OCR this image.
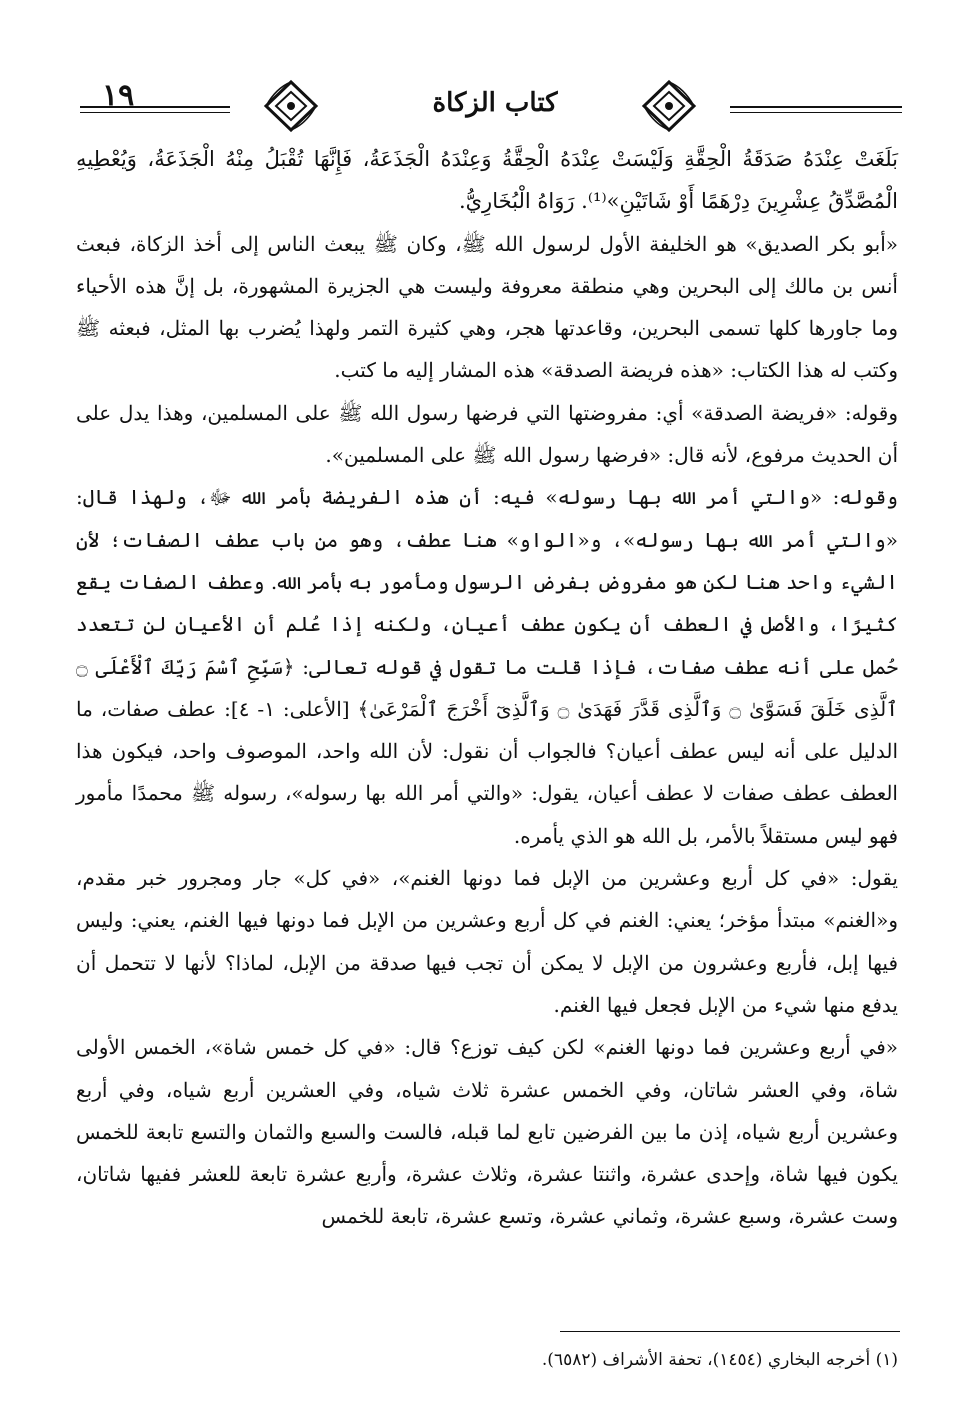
١٩	كتاب الزكاة

بَلَغَتْ عِنْدَهُ صَدَقَةُ الْحِقَّةِ وَلَيْسَتْ عِنْدَهُ الْحِقَّةُ وَعِنْدَهُ الْجَذَعَةُ، فَإِنَّهَا تُقْبَلُ مِنْهُ الْجَذَعَةُ، وَيُعْطِيهِ الْمُصَّدِّقُ عِشْرِينَ دِرْهَمًا أَوْ شَاتَيْنِ»⁽¹⁾. رَوَاهُ الْبُخَارِيُّ.

«أبو بكر الصديق» هو الخليفة الأول لرسول الله ﷺ، وكان ﷺ يبعث الناس إلى أخذ الزكاة، فبعث أنس بن مالك إلى البحرين وهي منطقة معروفة وليست هي الجزيرة المشهورة، بل إنَّ هذه الأحياء وما جاورها كلها تسمى البحرين، وقاعدتها هجر، وهي كثيرة التمر ولهذا يُضرب بها المثل، فبعثه ﷺ وكتب له هذا الكتاب: «هذه فريضة الصدقة» هذه المشار إليه ما كتب.

وقوله: «فريضة الصدقة» أي: مفروضتها التي فرضها رسول الله ﷺ على المسلمين، وهذا يدل على أن الحديث مرفوع، لأنه قال: «فرضها رسول الله ﷺ على المسلمين».

وقوله: «والتي أمر الله بها رسوله» فيه: أن هذه الفريضة بأمر الله ﷻ، ولهذا قال: «والتي أمر الله بها رسوله»، و«الواو» هنا عطف، وهو من باب عطف الصفات؛ لأن الشيء واحد هنا لكن هو مفروض بفرض الرسول ومأمور به بأمر الله. وعطف الصفات يقع كثيرًا، والأصل في العطف أن يكون عطف أعيان، ولكنه إذا عُلم أن الأعيان لن تتعدد حُمل على أنه عطف صفات، فإذا قلت ما تقول في قوله تعالى: ﴿سَبِّحِ ٱسْمَ رَبِّكَ ٱلْأَعْلَى ۝ ٱلَّذِى خَلَقَ فَسَوَّىٰ ۝ وَٱلَّذِى قَدَّرَ فَهَدَىٰ ۝ وَٱلَّذِىٓ أَخْرَجَ ٱلْمَرْعَىٰ﴾ [الأعلى: ١- ٤]: عطف صفات، ما الدليل على أنه ليس عطف أعيان؟ فالجواب أن نقول: لأن الله واحد، الموصوف واحد، فيكون هذا العطف عطف صفات لا عطف أعيان، يقول: «والتي أمر الله بها رسوله»، رسوله ﷺ محمدًا مأمور فهو ليس مستقلاً بالأمر، بل الله هو الذي يأمره.

يقول: «في كل أربع وعشرين من الإبل فما دونها الغنم»، «في كل» جار ومجرور خبر مقدم، و«الغنم» مبتدأ مؤخر؛ يعني: الغنم في كل أربع وعشرين من الإبل فما دونها فيها الغنم، يعني: وليس فيها إبل، فأربع وعشرون من الإبل لا يمكن أن تجب فيها صدقة من الإبل، لماذا؟ لأنها لا تتحمل أن يدفع منها شيء من الإبل فجعل فيها الغنم.

«في أربع وعشرين فما دونها الغنم» لكن كيف توزع؟ قال: «في كل خمس شاة»، الخمس الأولى شاة، وفي العشر شاتان، وفي الخمس عشرة ثلاث شياه، وفي العشرين أربع شياه، وفي أربع وعشرين أربع شياه، إذن ما بين الفرضين تابع لما قبله، فالست والسبع والثمان والتسع تابعة للخمس يكون فيها شاة، وإحدى عشرة، واثنتا عشرة، وثلاث عشرة، وأربع عشرة تابعة للعشر ففيها شاتان، وست عشرة، وسبع عشرة، وثماني عشرة، وتسع عشرة، تابعة للخمس

(١) أخرجه البخاري (١٤٥٤)، تحفة الأشراف (٦٥٨٢).
